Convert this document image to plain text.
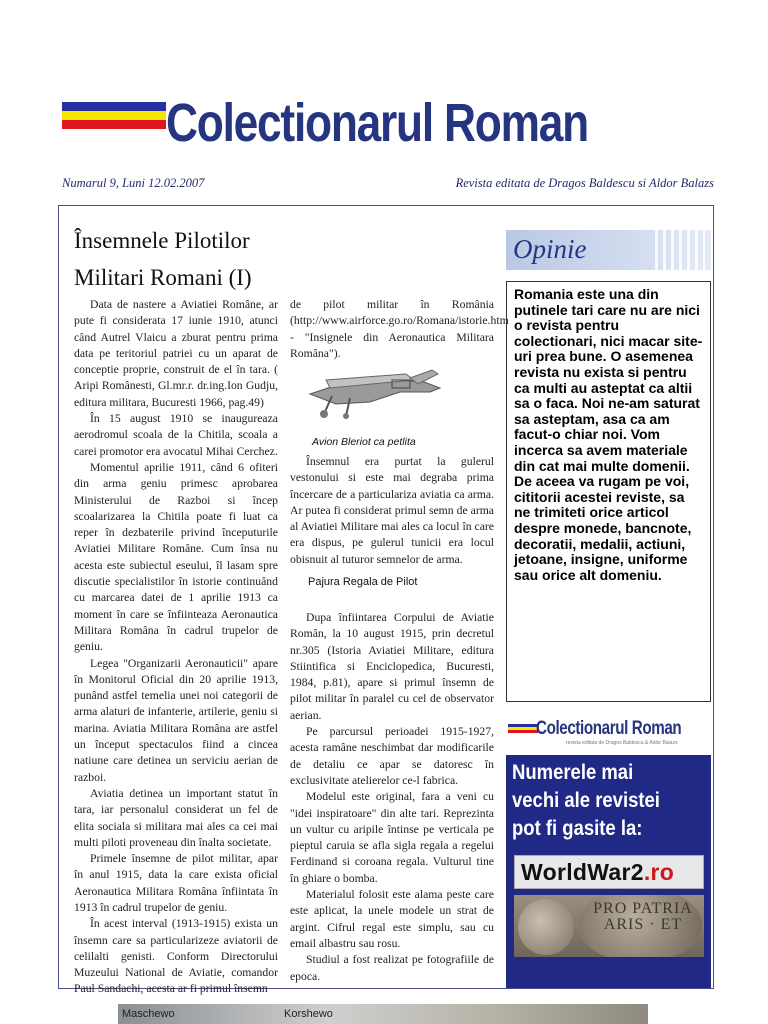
Colectionarul Roman
Numarul 9, Luni 12.02.2007	Revista editata de Dragos Baldescu si Aldor Balazs
Însemnele Pilotilor Militari Romani (I)

Data de nastere a Aviatiei Române, ar pute fi considerata 17 iunie 1910, atunci când Autrel Vlaicu a zburat pentru prima data pe teritoriul patriei cu un aparat de conceptie proprie, construit de el în tara. ( Aripi Românesti, Gl.mr.r. dr.ing.Ion Gudju, editura militara, Bucuresti 1966, pag.49)

În 15 august 1910 se inaugureaza aerodromul scoala de la Chitila, scoala a carei promotor era avocatul Mihai Cerchez.

Momentul aprilie 1911, când 6 ofiteri din arma geniu primesc aprobarea Ministerului de Razboi si încep scoalarizarea la Chitila poate fi luat ca reper în dezbaterile privind începuturile Aviatiei Militare Române. Cum însa nu acesta este subiectul eseului, îl lasam spre discutie specialistilor în istorie continuând cu marcarea datei de 1 aprilie 1913 ca moment în care se înfiinteaza Aeronautica Militara Româna în cadrul trupelor de geniu.

Legea "Organizarii Aeronauticii" apare în Monitorul Oficial din 20 aprilie 1913, punând astfel temelia unei noi categorii de arma alaturi de infanterie, artilerie, geniu si marina. Aviatia Militara Româna are astfel un început spectaculos fiind a cincea natiune care detinea un serviciu aerian de razboi.

Aviatia detinea un important statut în tara, iar personalul considerat un fel de elita sociala si militara mai ales ca cei mai multi piloti proveneau din înalta societate.

Primele însemne de pilot militar, apar în anul 1915, data la care exista oficial Aeronautica Militara Româna înfiintata în 1913 în cadrul trupelor de geniu.

În acest interval (1913-1915) exista un însemn care sa particularizeze aviatorii de celilalti genisti. Conform Directorului Muzeului National de Aviatie, comandor Paul Sandachi, acesta ar fi primul însemn

de pilot militar în România (http://www.airforce.go.ro/Romana/istorie.htm - "Insignele din Aeronautica Militara Româna").

Avion Bleriot ca petlita

Însemnul era purtat la gulerul vestonului si este mai degraba prima încercare de a particulariza aviatia ca arma. Ar putea fi considerat primul semn de arma al Aviatiei Militare mai ales ca locul în care era dispus, pe gulerul tunicii era locul obisnuit al tuturor semnelor de arma.

Pajura Regala de Pilot

Dupa înfiintarea Corpului de Aviatie Român, la 10 august 1915, prin decretul nr.305 (Istoria Aviatiei Militare, editura Stiintifica si Enciclopedica, Bucuresti, 1984, p.81), apare si primul însemn de pilot militar în paralel cu cel de observator aerian.

Pe parcursul perioadei 1915-1927, acesta ramâne neschimbat dar modificarile de detaliu ce apar se datoresc în exclusivitate atelierelor ce-l fabrica.

Modelul este original, fara a veni cu "idei inspiratoare" din alte tari. Reprezinta un vultur cu aripile întinse pe verticala pe pieptul caruia se afla sigla regala a regelui Ferdinand si coroana regala. Vulturul tine în ghiare o bomba.

Materialul folosit este alama peste care este aplicat, la unele modele un strat de argint. Cifrul regal este simplu, sau cu email albastru sau rosu.

Studiul a fost realizat pe fotografiile de epoca.

Opinie
Romania este una din putinele tari care nu are nici o revista pentru colectionari, nici macar site-uri prea bune. O asemenea revista nu exista si pentru ca multi au asteptat ca altii sa o faca. Noi ne-am saturat sa asteptam, asa ca am facut-o chiar noi. Vom incerca sa avem materiale din cat mai multe domenii. De aceea va rugam pe voi, cititorii acestei reviste, sa ne trimiteti orice articol despre monede, bancnote, decoratii, medalii, actiuni, jetoane, insigne, uniforme sau orice alt domeniu.
Colectionarul Roman
revista editata de Dragos Baldescu & Aldor Balazs
Numerele mai vechi ale revistei pot fi gasite la:
WorldWar2.ro
PRO PATRIA ARIS · ET
Maschewo	Korshewo
